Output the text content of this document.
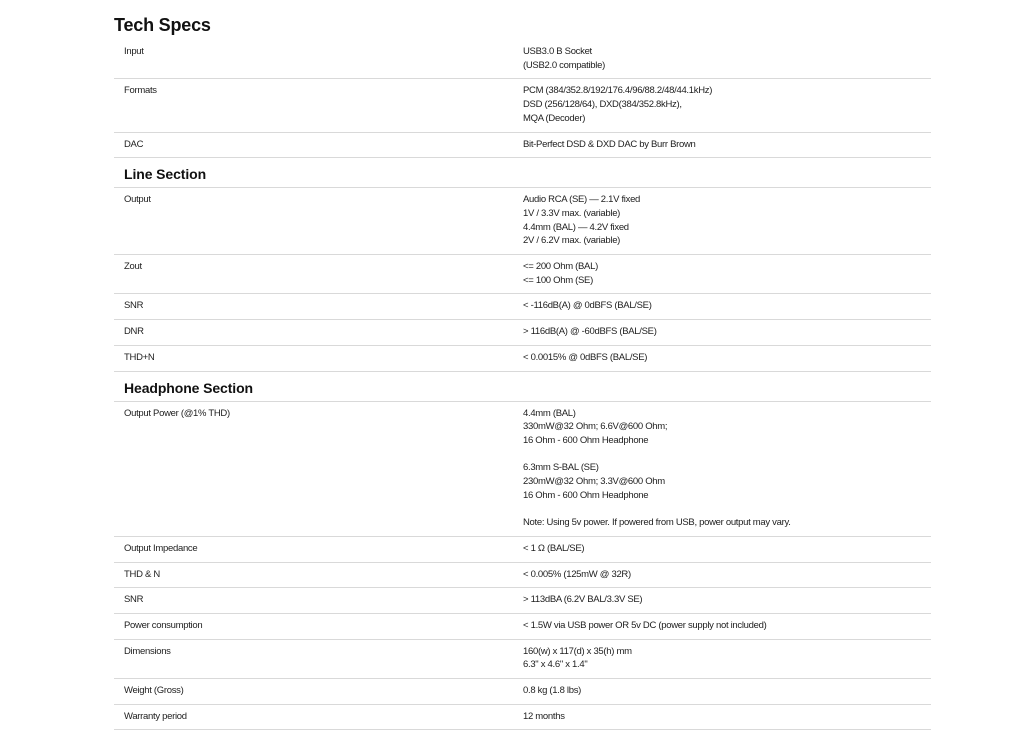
Tech Specs
Input	USB3.0 B Socket
(USB2.0 compatible)
Formats	PCM (384/352.8/192/176.4/96/88.2/48/44.1kHz)
DSD (256/128/64), DXD(384/352.8kHz),
MQA (Decoder)
DAC	Bit-Perfect DSD & DXD DAC by Burr Brown
Line Section
Output	Audio RCA (SE) — 2.1V fixed
1V / 3.3V max. (variable)
4.4mm (BAL) — 4.2V fixed
2V / 6.2V max. (variable)
Zout	<= 200 Ohm (BAL)
<= 100 Ohm (SE)
SNR	< -116dB(A) @ 0dBFS (BAL/SE)
DNR	> 116dB(A) @ -60dBFS (BAL/SE)
THD+N	< 0.0015% @ 0dBFS (BAL/SE)
Headphone Section
Output Power (@1% THD)	4.4mm (BAL)
330mW@32 Ohm; 6.6V@600 Ohm;
16 Ohm - 600 Ohm Headphone
6.3mm S-BAL (SE)
230mW@32 Ohm; 3.3V@600 Ohm
16 Ohm - 600 Ohm Headphone
Note: Using 5v power. If powered from USB, power output may vary.
Output Impedance	< 1 Ω (BAL/SE)
THD & N	< 0.005% (125mW @ 32R)
SNR	> 113dBA (6.2V BAL/3.3V SE)
Power consumption	< 1.5W via USB power OR 5v DC (power supply not included)
Dimensions	160(w) x 117(d) x 35(h) mm
6.3" x 4.6" x 1.4"
Weight (Gross)	0.8 kg (1.8 lbs)
Warranty period	12 months
